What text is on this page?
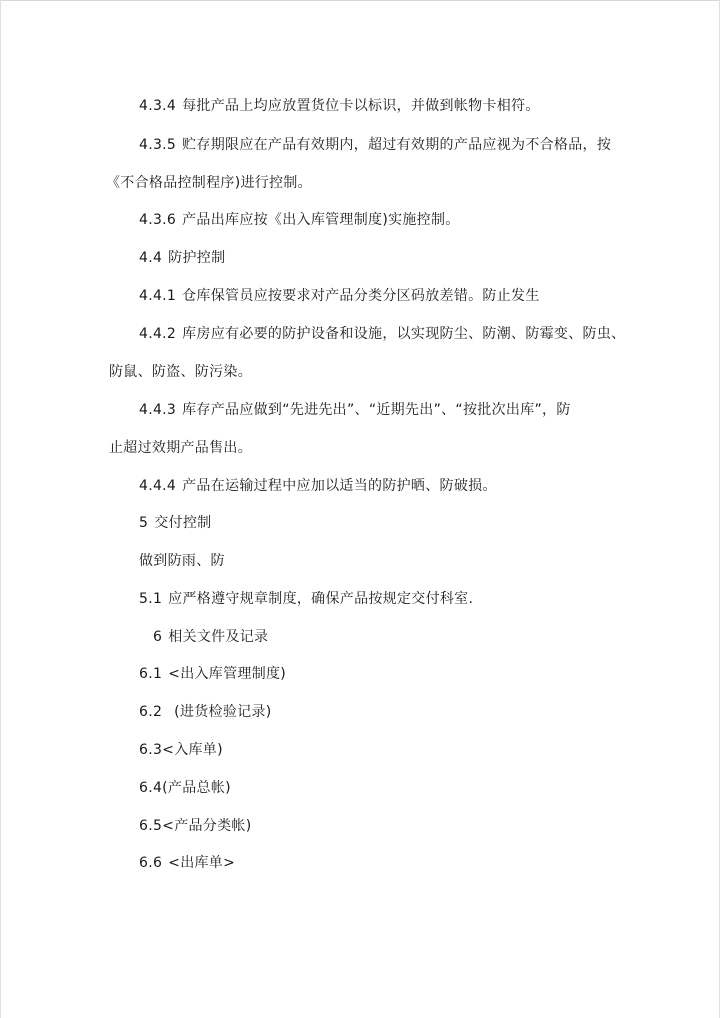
4.3.4 每批产品上均应放置货位卡以标识，并做到帐物卡相符。
4.3.5 贮存期限应在产品有效期内，超过有效期的产品应视为不合格品，按
《不合格品控制程序)进行控制。
4.3.6 产品出库应按《出入库管理制度)实施控制。
4.4 防护控制
4.4.1 仓库保管员应按要求对产品分类分区码放差错。防止发生
4.4.2 库房应有必要的防护设备和设施，以实现防尘、防潮、防霉变、防虫、
防鼠、防盗、防污染。
4.4.3 库存产品应做到“先进先出”、“近期先出”、“按批次出库”，防
止超过效期产品售出。
4.4.4 产品在运输过程中应加以适当的防护晒、防破损。
5 交付控制
做到防雨、防
5.1 应严格遵守规章制度，确保产品按规定交付科室.
6 相关文件及记录
6.1 <出入库管理制度)
6.2 (进货检验记录)
6.3<入库单)
6.4(产品总帐)
6.5<产品分类帐)
6.6 <出库单>
